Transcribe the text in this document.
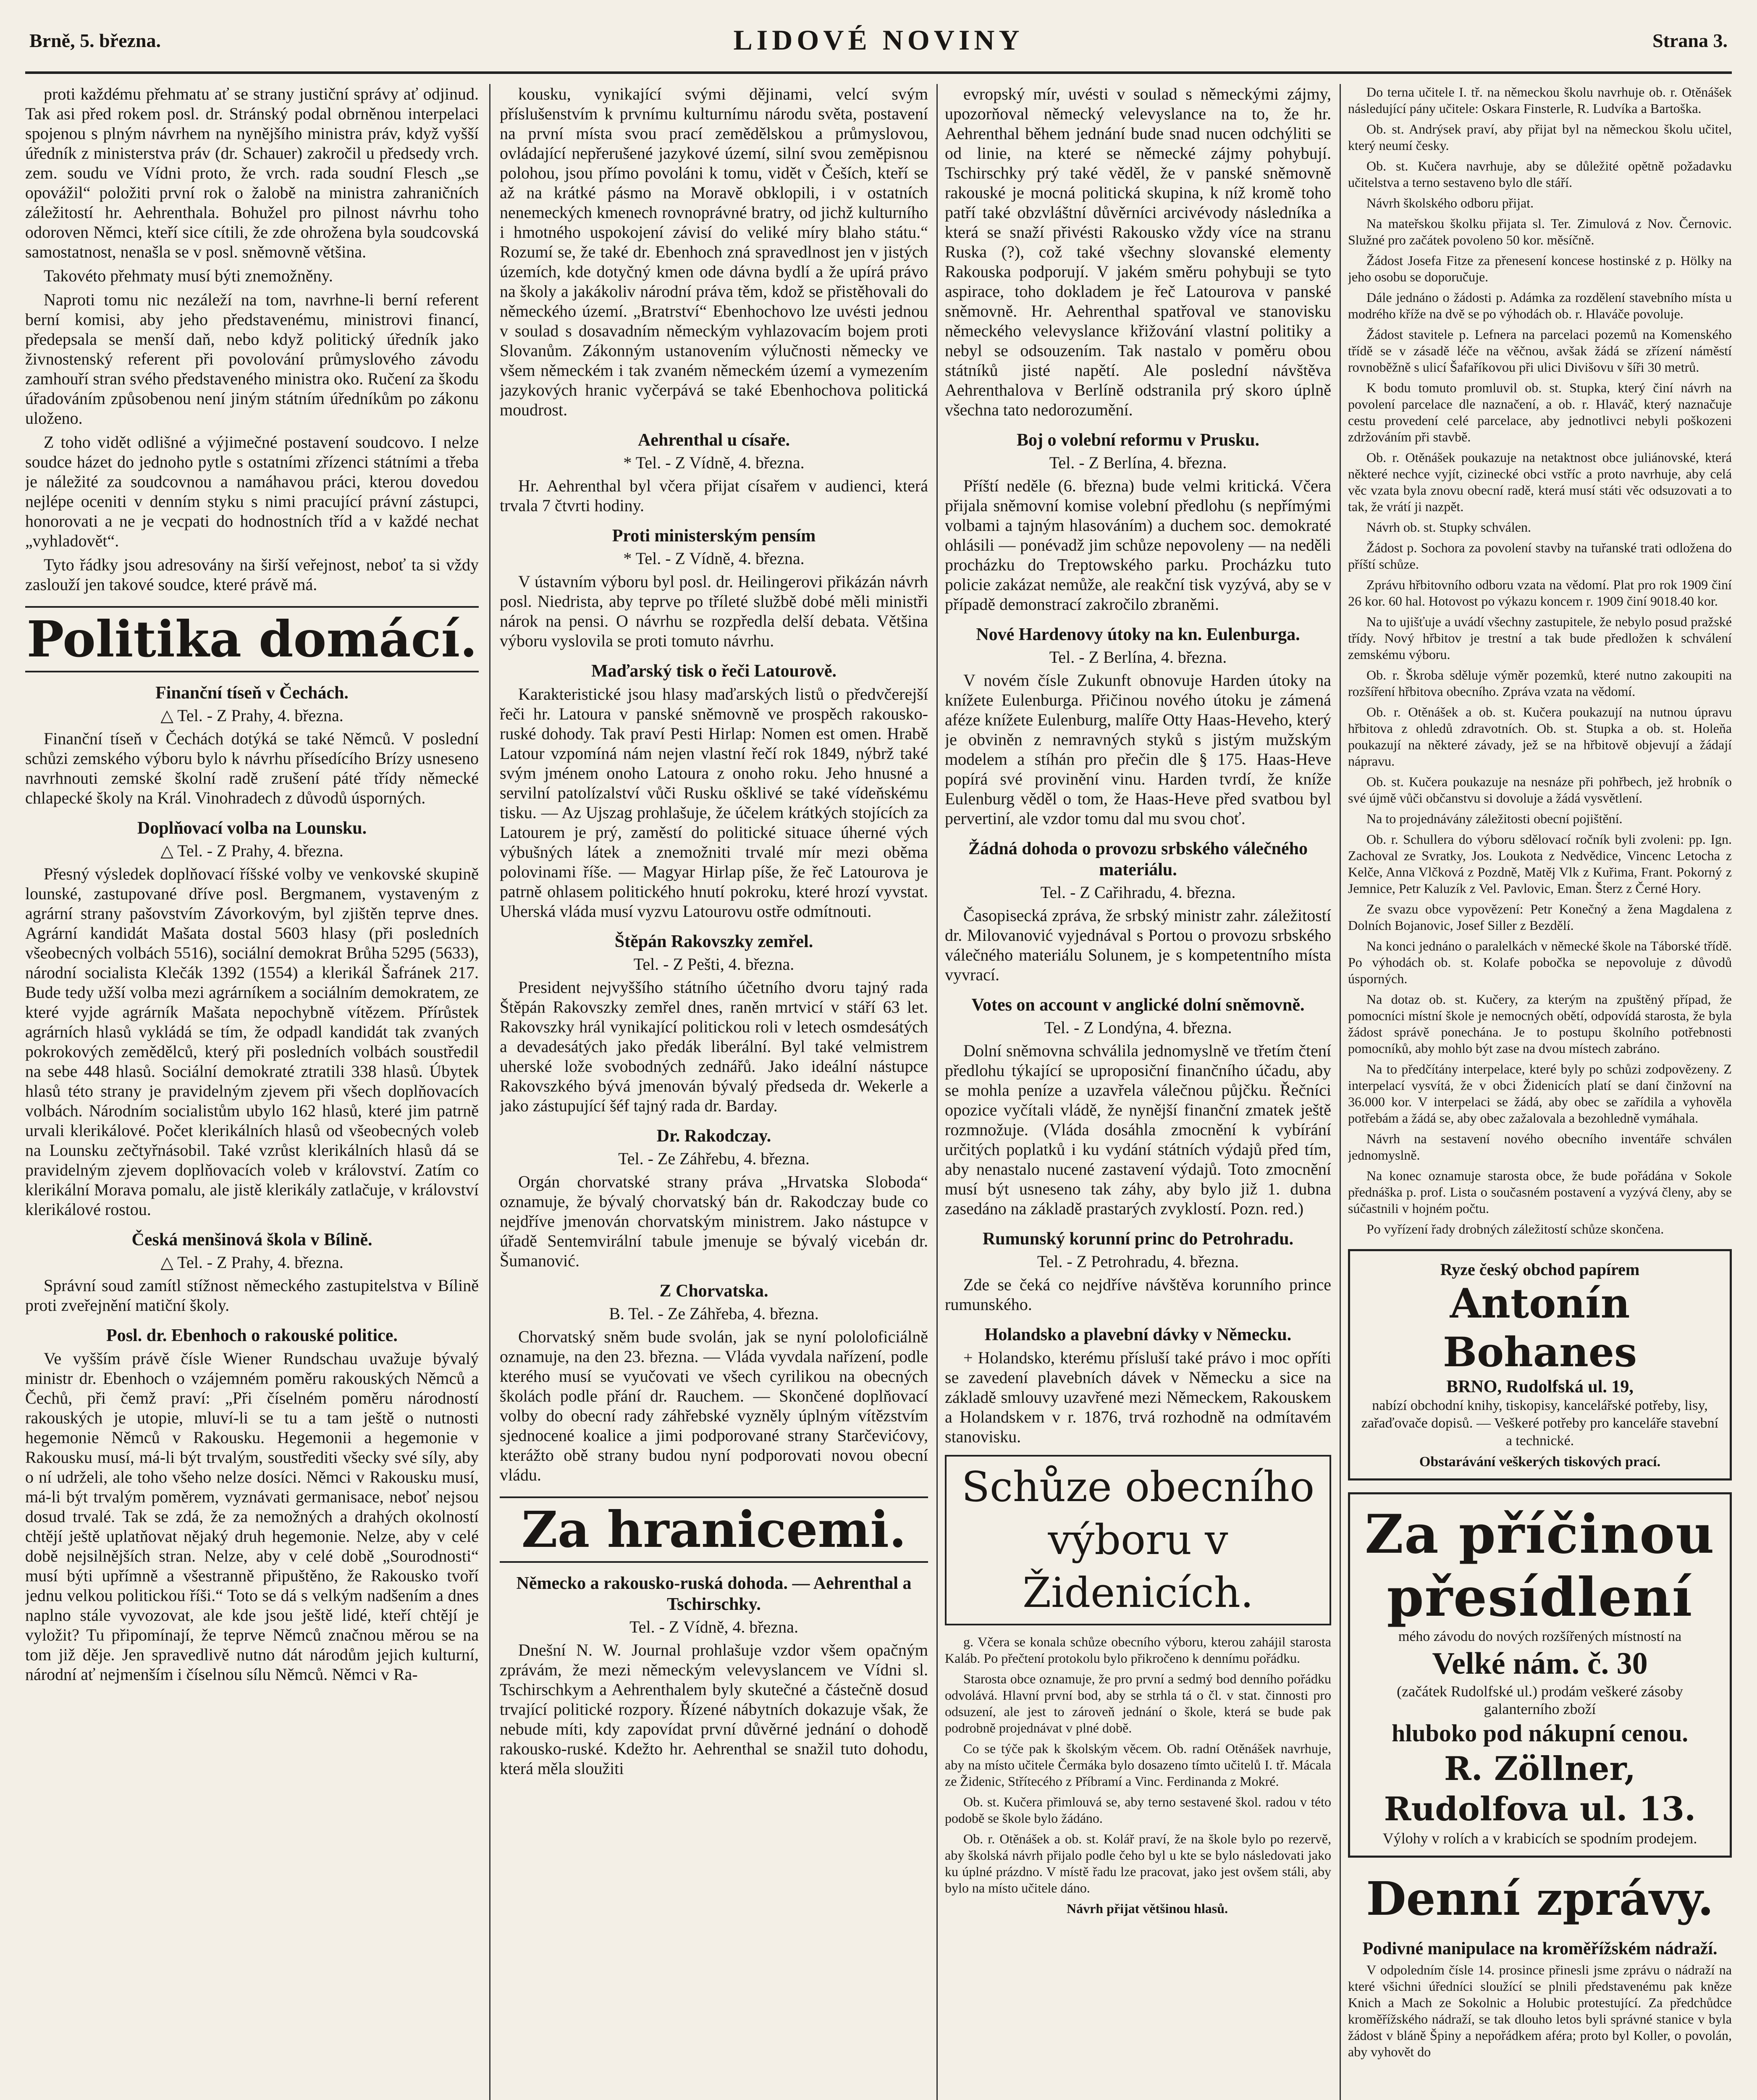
Brně, 5. března.	LIDOVÉ NOVINY	Strana 3.

proti každému přehmatu ať se strany justiční správy ať odjinud. Tak asi před rokem posl. dr. Stránský podal obrněnou interpelaci spojenou s plným návrhem na nynějšího ministra práv, když vyšší úředník z ministerstva práv (dr. Schauer) zakročil u předsedy vrch. zem. soudu ve Vídni proto, že vrch. rada soudní Flesch „se opovážil“ položiti první rok o žalobě na ministra zahraničních záležitostí hr. Aehrenthala. Bohužel pro pilnost návrhu toho odoroven Němci, kteří sice cítili, že zde ohrožena byla soudcovská samostatnost, nenašla se v posl. sněmovně většina.

Takovéto přehmaty musí býti znemožněny.

Naproti tomu nic nezáleží na tom, navrhne-li berní referent berní komisi, aby jeho představenému, ministrovi financí, předepsala se menší daň, nebo když politický úředník jako živnostenský referent při povolování průmyslového závodu zamhouří stran svého představeného ministra oko. Ručení za škodu úřadováním způsobenou není jiným státním úředníkům po zákonu uloženo.

Z toho vidět odlišné a výjimečné postavení soudcovo. I nelze soudce házet do jednoho pytle s ostatními zřízenci státními a třeba je náležité za soudcovnou a namáhavou práci, kterou dovedou nejlépe oceniti v denním styku s nimi pracující právní zástupci, honorovati a ne je vecpati do hodnostních tříd a v každé nechat „vyhladovět“.

Tyto řádky jsou adresovány na širší veřejnost, neboť ta si vždy zaslouží jen takové soudce, které právě má.

Politika domácí.
Finanční tíseň v Čechách.
△ Tel. - Z Prahy, 4. března.

Finanční tíseň v Čechách dotýká se také Němců. V poslední schůzi zemského výboru bylo k návrhu přísedícího Brízy usneseno navrhnouti zemské školní radě zrušení páté třídy německé chlapecké školy na Král. Vinohradech z důvodů úsporných.

Doplňovací volba na Lounsku.
△ Tel. - Z Prahy, 4. března.

Přesný výsledek doplňovací říšské volby ve venkovské skupině lounské, zastupované dříve posl. Bergmanem, vystaveným z agrární strany pašovstvím Závorkovým, byl zjištěn teprve dnes. Agrární kandidát Mašata dostal 5603 hlasy (při posledních všeobecných volbách 5516), sociální demokrat Brůha 5295 (5633), národní socialista Klečák 1392 (1554) a klerikál Šafránek 217. Bude tedy užší volba mezi agrárníkem a sociálním demokratem, ze které vyjde agrárník Mašata nepochybně vítězem. Přírůstek agrárních hlasů vykládá se tím, že odpadl kandidát tak zvaných pokrokových zemědělců, který při posledních volbách soustředil na sebe 448 hlasů. Sociální demokraté ztratili 338 hlasů. Úbytek hlasů této strany je pravidelným zjevem při všech doplňovacích volbách. Národním socialistům ubylo 162 hlasů, které jim patrně urvali klerikálové. Počet klerikálních hlasů od všeobecných voleb na Lounsku zečtyřnásobil. Také vzrůst klerikálních hlasů dá se pravidelným zjevem doplňovacích voleb v království. Zatím co klerikální Morava pomalu, ale jistě klerikály zatlačuje, v království klerikálové rostou.

Česká menšinová škola v Bílině.
△ Tel. - Z Prahy, 4. března.

Správní soud zamítl stížnost německého zastupitelstva v Bílině proti zveřejnění matiční školy.

Posl. dr. Ebenhoch o rakouské politice.

Ve vyšším právě čísle Wiener Rundschau uvažuje bývalý ministr dr. Ebenhoch o vzájemném poměru rakouských Němců a Čechů, při čemž praví: „Při číselném poměru národností rakouských je utopie, mluví-li se tu a tam ještě o nutnosti hegemonie Němců v Rakousku. Hegemonii a hegemonie v Rakousku musí, má-li být trvalým, soustřediti všecky své síly, aby o ní udrželi, ale toho všeho nelze dosíci. Němci v Rakousku musí, má-li být trvalým poměrem, vyznávati germanisace, neboť nejsou dosud trvalé. Tak se zdá, že za nemožných a drahých okolností chtějí ještě uplatňovat nějaký druh hegemonie. Nelze, aby v celé době nejsilnějších stran. Nelze, aby v celé době „Sourodnosti“ musí býti upřímně a všestranně připuštěno, že Rakousko tvoří jednu velkou politickou říši.“ Toto se dá s velkým nadšením a dnes naplno stále vyvozovat, ale kde jsou ještě lidé, kteří chtějí je vyložit? Tu připomínají, že teprve Němců značnou měrou se na tom již děje. Jen spravedlivě nutno dát národům jejich kulturní, národní ať nejmenším i číselnou sílu Němců. Němci v Ra-

kousku, vynikající svými dějinami, velcí svým příslušenstvím k prvnímu kulturnímu národu světa, postavení na první místa svou prací zemědělskou a průmyslovou, ovládající nepřerušené jazykové území, silní svou zeměpisnou polohou, jsou přímo povoláni k tomu, vidět v Češích, kteří se až na krátké pásmo na Moravě obklopili, i v ostatních nenemeckých kmenech rovnoprávné bratry, od jichž kulturního i hmotného uspokojení závisí do veliké míry blaho státu.“ Rozumí se, že také dr. Ebenhoch zná spravedlnost jen v jistých územích, kde dotyčný kmen ode dávna bydlí a že upírá právo na školy a jakákoliv národní práva těm, kdož se přistěhovali do německého území. „Bratrství“ Ebenhochovo lze uvésti jednou v soulad s dosavadním německým vyhlazovacím bojem proti Slovanům. Zákonným ustanovením výlučnosti německy ve všem německém i tak zvaném německém území a vymezením jazykových hranic vyčerpává se také Ebenhochova politická moudrost.

Aehrenthal u císaře.
* Tel. - Z Vídně, 4. března.

Hr. Aehrenthal byl včera přijat císařem v audienci, která trvala 7 čtvrti hodiny.

Proti ministerským pensím
* Tel. - Z Vídně, 4. března.

V ústavním výboru byl posl. dr. Heilingerovi přikázán návrh posl. Niedrista, aby teprve po tříleté službě dobé měli ministři nárok na pensi. O návrhu se rozpředla delší debata. Většina výboru vyslovila se proti tomuto návrhu.

Maďarský tisk o řeči Latourově.

Karakteristické jsou hlasy maďarských listů o předvčerejší řeči hr. Latoura v panské sněmovně ve prospěch rakousko-ruské dohody. Tak praví Pesti Hirlap: Nomen est omen. Hrabě Latour vzpomíná nám nejen vlastní řečí rok 1849, nýbrž také svým jménem onoho Latoura z onoho roku. Jeho hnusné a servilní patolízalství vůči Rusku ošklivé se také vídeňskému tisku. — Az Ujszag prohlašuje, že účelem krátkých stojících za Latourem je prý, zaměstí do politické situace úherné vých výbušných látek a znemožniti trvalé mír mezi oběma polovinami říše. — Magyar Hirlap píše, že řeč Latourova je patrně ohlasem politického hnutí pokroku, které hrozí vyvstat. Uherská vláda musí vyzvu Latourovu ostře odmítnouti.

Štěpán Rakovszky zemřel.
Tel. - Z Pešti, 4. března.

President nejvyššího státního účetního dvoru tajný rada Štěpán Rakovszky zemřel dnes, raněn mrtvicí v stáří 63 let. Rakovszky hrál vynikající politickou roli v letech osmdesátých a devadesátých jako předák liberální. Byl také velmistrem uherské lože svobodných zednářů. Jako ideální nástupce Rakovszkého bývá jmenován bývalý předseda dr. Wekerle a jako zástupující šéf tajný rada dr. Barday.

Dr. Rakodczay.
Tel. - Ze Záhřebu, 4. března.

Orgán chorvatské strany práva „Hrvatska Sloboda“ oznamuje, že bývalý chorvatský bán dr. Rakodczay bude co nejdříve jmenován chorvatským ministrem. Jako nástupce v úřadě Sentemvirální tabule jmenuje se bývalý vicebán dr. Šumanović.

Z Chorvatska.
B. Tel. - Ze Záhřeba, 4. března.

Chorvatský sněm bude svolán, jak se nyní pololoficiálně oznamuje, na den 23. března. — Vláda vyvdala nařízení, podle kterého musí se vyučovati ve všech cyrilikou na obecných školách podle přání dr. Rauchem. — Skončené doplňovací volby do obecní rady záhřebské vyzněly úplným vítězstvím sjednocené koalice a jimi podporované strany Starčevićovy, kterážto obě strany budou nyní podporovati novou obecní vládu.

Za hranicemi.
Německo a rakousko-ruská dohoda. — Aehrenthal a Tschirschky.
Tel. - Z Vídně, 4. března.

Dnešní N. W. Journal prohlašuje vzdor všem opačným zprávám, že mezi německým velevyslancem ve Vídni sl. Tschirschkym a Aehrenthalem byly skutečné a částečně dosud trvající politické rozpory. Řízené nábytních dokazuje však, že nebude míti, kdy zapovídat první důvěrné jednání o dohodě rakousko-ruské. Kdežto hr. Aehrenthal se snažil tuto dohodu, která měla sloužiti

evropský mír, uvésti v soulad s německými zájmy, upozorňoval německý velevyslance na to, že hr. Aehrenthal během jednání bude snad nucen odchýliti se od linie, na které se německé zájmy pohybují. Tschirschky prý také věděl, že v panské sněmovně rakouské je mocná politická skupina, k níž kromě toho patří také obzvláštní důvěrníci arcivévody následníka a která se snaží přivésti Rakousko vždy více na stranu Ruska (?), což také všechny slovanské elementy Rakouska podporují. V jakém směru pohybuji se tyto aspirace, toho dokladem je řeč Latourova v panské sněmovně. Hr. Aehrenthal spatřoval ve stanovisku německého velevyslance křižování vlastní politiky a nebyl se odsouzením. Tak nastalo v poměru obou státníků jisté napětí. Ale poslední návštěva Aehrenthalova v Berlíně odstranila prý skoro úplně všechna tato nedorozumění.

Boj o volební reformu v Prusku.
Tel. - Z Berlína, 4. března.

Příští neděle (6. března) bude velmi kritická. Včera přijala sněmovní komise volební předlohu (s nepřímými volbami a tajným hlasováním) a duchem soc. demokraté ohlásili — ponévadž jim schůze nepovoleny — na neděli procházku do Treptowského parku. Procházku tuto policie zakázat nemůže, ale reakční tisk vyzývá, aby se v případě demonstrací zakročilo zbraněmi.

Nové Hardenovy útoky na kn. Eulenburga.
Tel. - Z Berlína, 4. března.

V novém čísle Zukunft obnovuje Harden útoky na knížete Eulenburga. Přičinou nového útoku je zámená aféze knížete Eulenburg, malíře Otty Haas-Heveho, který je obviněn z nemravných styků s jistým mužským modelem a stíhán pro přečin dle § 175. Haas-Heve popírá své provinění vinu. Harden tvrdí, že kníže Eulenburg věděl o tom, že Haas-Heve před svatbou byl pervertiní, ale vzdor tomu dal mu svou choť.

Žádná dohoda o provozu srbského válečného materiálu.
Tel. - Z Cařihradu, 4. března.

Časopisecká zpráva, že srbský ministr zahr. záležitostí dr. Milovanović vyjednával s Portou o provozu srbského válečného materiálu Solunem, je s kompetentního místa vyvrací.

Votes on account v anglické dolní sněmovně.
Tel. - Z Londýna, 4. března.

Dolní sněmovna schválila jednomyslně ve třetím čtení předlohu týkající se uproposiční finančního účadu, aby se mohla peníze a uzavřela válečnou půjčku. Řečníci opozice vyčítali vládě, že nynější finanční zmatek ještě rozmnožuje. (Vláda dosáhla zmocnění k vybírání určitých poplatků i ku vydání státních výdajů před tím, aby nenastalo nucené zastavení výdajů. Toto zmocnění musí být usneseno tak záhy, aby bylo již 1. dubna zasedáno na základě prastarých zvyklostí. Pozn. red.)

Rumunský korunní princ do Petrohradu.
Tel. - Z Petrohradu, 4. března.

Zde se čeká co nejdříve návštěva korunního prince rumunského.

Holandsko a plavební dávky v Německu.

+ Holandsko, kterému přísluší také právo i moc opříti se zavedení plavebních dávek v Německu a sice na základě smlouvy uzavřené mezi Německem, Rakouskem a Holandskem v r. 1876, trvá rozhodně na odmítavém stanovisku.

Schůze obecního výboru v Židenicích.

g. Včera se konala schůze obecního výboru, kterou zahájil starosta Kaláb. Po přečtení protokolu bylo přikročeno k dennímu pořádku.

Starosta obce oznamuje, že pro první a sedmý bod denního pořádku odvolává. Hlavní první bod, aby se strhla tá o čl. v stat. činnosti pro odsuzení, ale jest to zároveň jednání o škole, která se bude pak podrobně projednávat v plné době.

Co se týče pak k školským věcem. Ob. radní Otěnášek navrhuje, aby na místo učitele Čermáka bylo dosazeno tímto učitelů I. tř. Mácala ze Židenic, Střítecého z Příbramí a Vinc. Ferdinanda z Mokré.

Ob. st. Kučera přimlouvá se, aby terno sestavené škol. radou v této podobě se škole bylo žádáno.

Ob. r. Otěnášek a ob. st. Kolář praví, že na škole bylo po rezervě, aby školská návrh přijalo podle čeho byl u kte se bylo následovati jako ku úplné prázdno. V místě řadu lze pracovat, jako jest ovšem stáli, aby bylo na místo učitele dáno.

Návrh přijat většinou hlasů.

Do terna učitele I. tř. na německou školu navrhuje ob. r. Otěnášek následující pány učitele: Oskara Finsterle, R. Ludvíka a Bartoška.

Ob. st. Andrýsek praví, aby přijat byl na německou školu učitel, který neumí česky.

Ob. st. Kučera navrhuje, aby se důležité opětně požadavku učitelstva a terno sestaveno bylo dle stáří.

Návrh školského odboru přijat.

Na mateřskou školku přijata sl. Ter. Zimulová z Nov. Černovic. Služné pro začátek povoleno 50 kor. měsíčně.

Žádost Josefa Fitze za přenesení koncese hostinské z p. Hölky na jeho osobu se doporučuje.

Dále jednáno o žádosti p. Adámka za rozdělení stavebního místa u modrého kříže na dvě se po výhodách ob. r. Hlaváče povoluje.

Žádost stavitele p. Lefnera na parcelaci pozemů na Komenského třídě se v zásadě léče na věčnou, avšak žádá se zřízení náměstí rovnoběžně s ulicí Šafaříkovou při ulici Divišovu v šíři 30 metrů.

K bodu tomuto promluvil ob. st. Stupka, který činí návrh na povolení parcelace dle naznačení, a ob. r. Hlaváč, který naznačuje cestu provedení celé parcelace, aby jednotlivci nebyli poškozeni zdržováním při stavbě.

Ob. r. Otěnášek poukazuje na netaktnost obce juliánovské, která některé nechce vyjít, cizinecké obci vstříc a proto navrhuje, aby celá věc vzata byla znovu obecní radě, která musí státi věc odsuzovati a to tak, že vrátí ji nazpět.

Návrh ob. st. Stupky schválen.

Žádost p. Sochora za povolení stavby na tuřanské trati odložena do příští schůze.

Zprávu hřbitovního odboru vzata na vědomí. Plat pro rok 1909 činí 26 kor. 60 hal. Hotovost po výkazu koncem r. 1909 činí 9018.40 kor.

Na to ujišťuje a uvádí všechny zastupitele, že nebylo posud pražské třídy. Nový hřbitov je trestní a tak bude předložen k schválení zemskému výboru.

Ob. r. Škroba sděluje výměr pozemků, které nutno zakoupiti na rozšíření hřbitova obecního. Zpráva vzata na vědomí.

Ob. r. Otěnášek a ob. st. Kučera poukazují na nutnou úpravu hřbitova z ohledů zdravotních. Ob. st. Stupka a ob. st. Holeňa poukazují na některé závady, jež se na hřbitově objevují a žádají nápravu.

Ob. st. Kučera poukazuje na nesnáze při pohřbech, jež hrobník o své újmě vůči občanstvu si dovoluje a žádá vysvětlení.

Na to projednávány záležitosti obecní pojištění.

Ob. r. Schullera do výboru sdělovací ročník byli zvoleni: pp. Ign. Zachoval ze Svratky, Jos. Loukota z Nedvědice, Vincenc Letocha z Kelče, Anna Vlčková z Pozdně, Matěj Vlk z Kuřima, Frant. Pokorný z Jemnice, Petr Kaluzík z Vel. Pavlovic, Eman. Šterz z Černé Hory.

Ze svazu obce vypovězení: Petr Konečný a žena Magdalena z Dolních Bojanovic, Josef Siller z Bezdělí.

Na konci jednáno o paralelkách v německé škole na Táborské třídě. Po výhodách ob. st. Kolafe pobočka se nepovoluje z důvodů úsporných.

Na dotaz ob. st. Kučery, za kterým na zpuštěný případ, že pomocníci místní škole je nemocných obětí, odpovídá starosta, že byla žádost správě ponechána. Je to postupu školního potřebnosti pomocníků, aby mohlo být zase na dvou místech zabráno.

Na to předčítány interpelace, které byly po schůzi zodpovězeny. Z interpelací vysvítá, že v obci Židenicích platí se daní činžovní na 36.000 kor. V interpelaci se žádá, aby obec se zařídila a vyhověla potřebám a žádá se, aby obec zažalovala a bezohledně vymáhala.

Návrh na sestavení nového obecního inventáře schválen jednomyslně.

Na konec oznamuje starosta obce, že bude pořádána v Sokole přednáška p. prof. Lista o současném postavení a vyzývá členy, aby se súčastnili v hojném počtu.

Po vyřízení řady drobných záležitostí schůze skončena.

Ryze český obchod papírem
Antonín Bohanes
BRNO, Rudolfská ul. 19,
nabízí obchodní knihy, tiskopisy, kancelářské potřeby, lisy, zařaďovače dopisů. — Veškeré potřeby pro kanceláře stavební a technické.
Obstarávání veškerých tiskových prací.
Za příčinou přesídlení
mého závodu do nových rozšířených místností na
Velké nám. č. 30
(začátek Rudolfské ul.) prodám veškeré zásoby galanterního zboží
hluboko pod nákupní cenou.
R. Zöllner, Rudolfova ul. 13.
Výlohy v rolích a v krabicích se spodním prodejem.
Denní zprávy.
Podivné manipulace na kroměřížském nádraží.

V odpoledním čísle 14. prosince přinesli jsme zprávu o nádraží na které všichni úředníci sloužící se plnili představenému pak kněze Knich a Mach ze Sokolnic a Holubic protestující. Za předchůdce kroměřížského nádraží, se tak dlouho letos byli správné stanice v byla žádost v bláně Špiny a nepořádkem aféra; proto byl Koller, o povolán, aby vyhovět do
